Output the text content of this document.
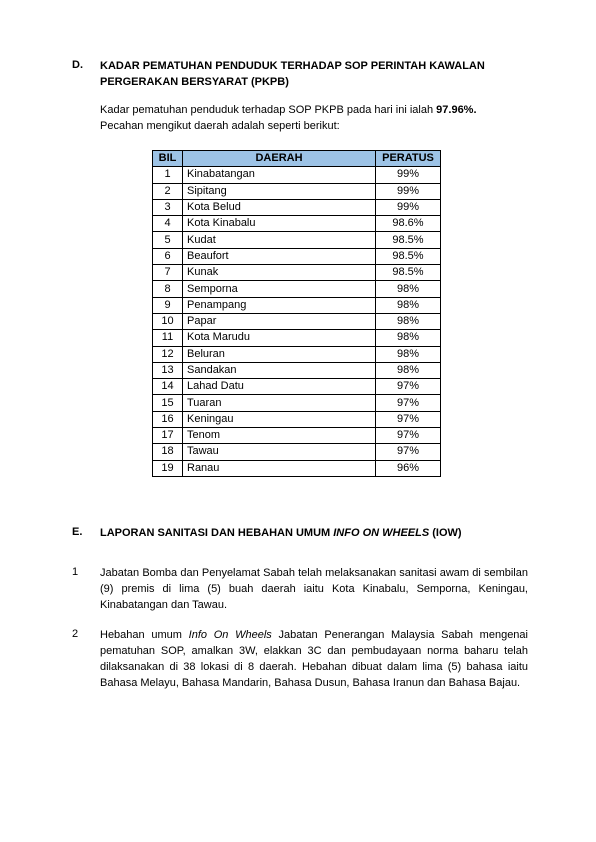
D. KADAR PEMATUHAN PENDUDUK TERHADAP SOP PERINTAH KAWALAN PERGERAKAN BERSYARAT (PKPB)
Kadar pematuhan penduduk terhadap SOP PKPB pada hari ini ialah 97.96%.
Pecahan mengikut daerah adalah seperti berikut:
BIL	DAERAH	PERATUS
1	Kinabatangan	99%
2	Sipitang	99%
3	Kota Belud	99%
4	Kota Kinabalu	98.6%
5	Kudat	98.5%
6	Beaufort	98.5%
7	Kunak	98.5%
8	Semporna	98%
9	Penampang	98%
10	Papar	98%
11	Kota Marudu	98%
12	Beluran	98%
13	Sandakan	98%
14	Lahad Datu	97%
15	Tuaran	97%
16	Keningau	97%
17	Tenom	97%
18	Tawau	97%
19	Ranau	96%
E. LAPORAN SANITASI DAN HEBAHAN UMUM INFO ON WHEELS (IOW)
1 Jabatan Bomba dan Penyelamat Sabah telah melaksanakan sanitasi awam di sembilan (9) premis di lima (5) buah daerah iaitu Kota Kinabalu, Semporna, Keningau, Kinabatangan dan Tawau.
2 Hebahan umum Info On Wheels Jabatan Penerangan Malaysia Sabah mengenai pematuhan SOP, amalkan 3W, elakkan 3C dan pembudayaan norma baharu telah dilaksanakan di 38 lokasi di 8 daerah. Hebahan dibuat dalam lima (5) bahasa iaitu Bahasa Melayu, Bahasa Mandarin, Bahasa Dusun, Bahasa Iranun dan Bahasa Bajau.
